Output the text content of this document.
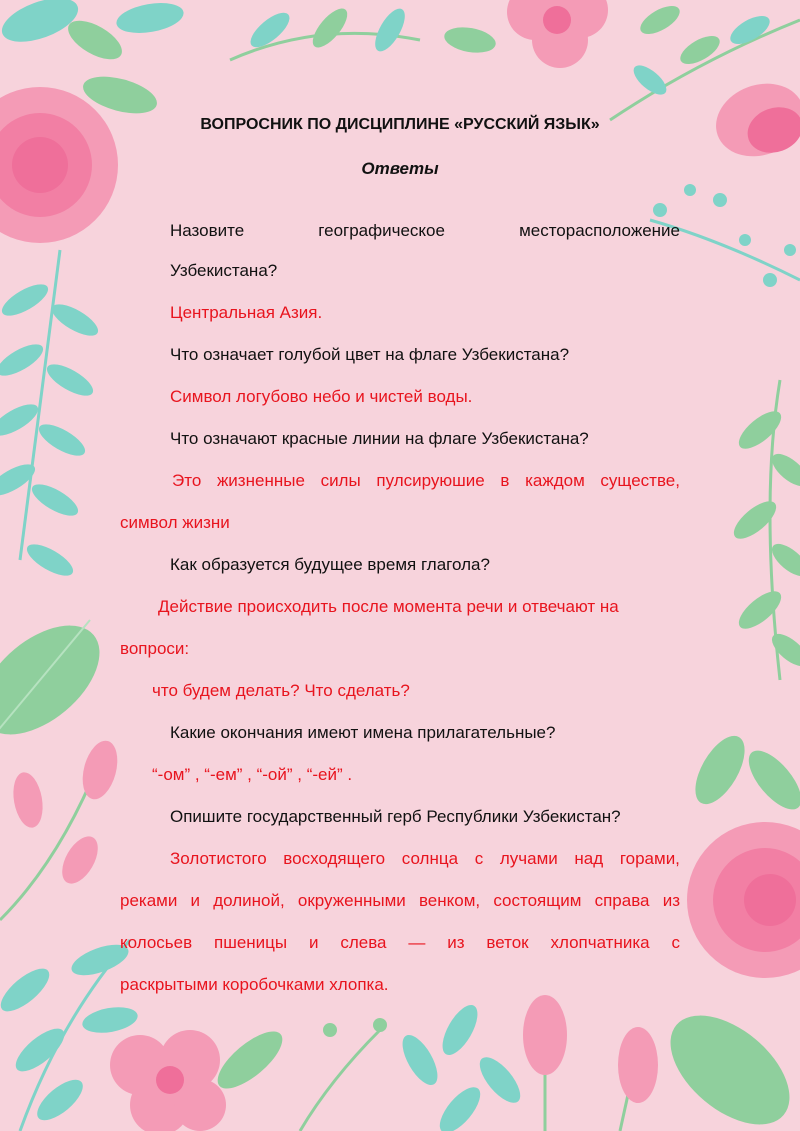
ВОПРОСНИК ПО ДИСЦИПЛИНЕ «РУССКИЙ ЯЗЫК»
Ответы
Назовите	географическое	месторасположение
Узбекистана?
Центральная Азия.
Что означает голубой цвет на флаге Узбекистана?
Символ логубово небо и чистей воды.
Что означают красные линии на флаге Узбекистана?
Это жизненные силы пулсируюшие в каждом существе,
символ жизни
Как образуется будущее время глагола?
Действие происходить после момента речи и отвечают на
вопроси:
что будем делать? Что сделать?
Какие окончания имеют имена прилагательные?
“-ом” , “-ем” , “-ой” , “-ей” .
Опишите государственный герб Республики Узбекистан?
Золотистого восходящего солнца с лучами над горами,
реками и долиной, окруженными венком, состоящим справа из
колосьев пшеницы и слева — из веток хлопчатника с
раскрытыми коробочками хлопка.
